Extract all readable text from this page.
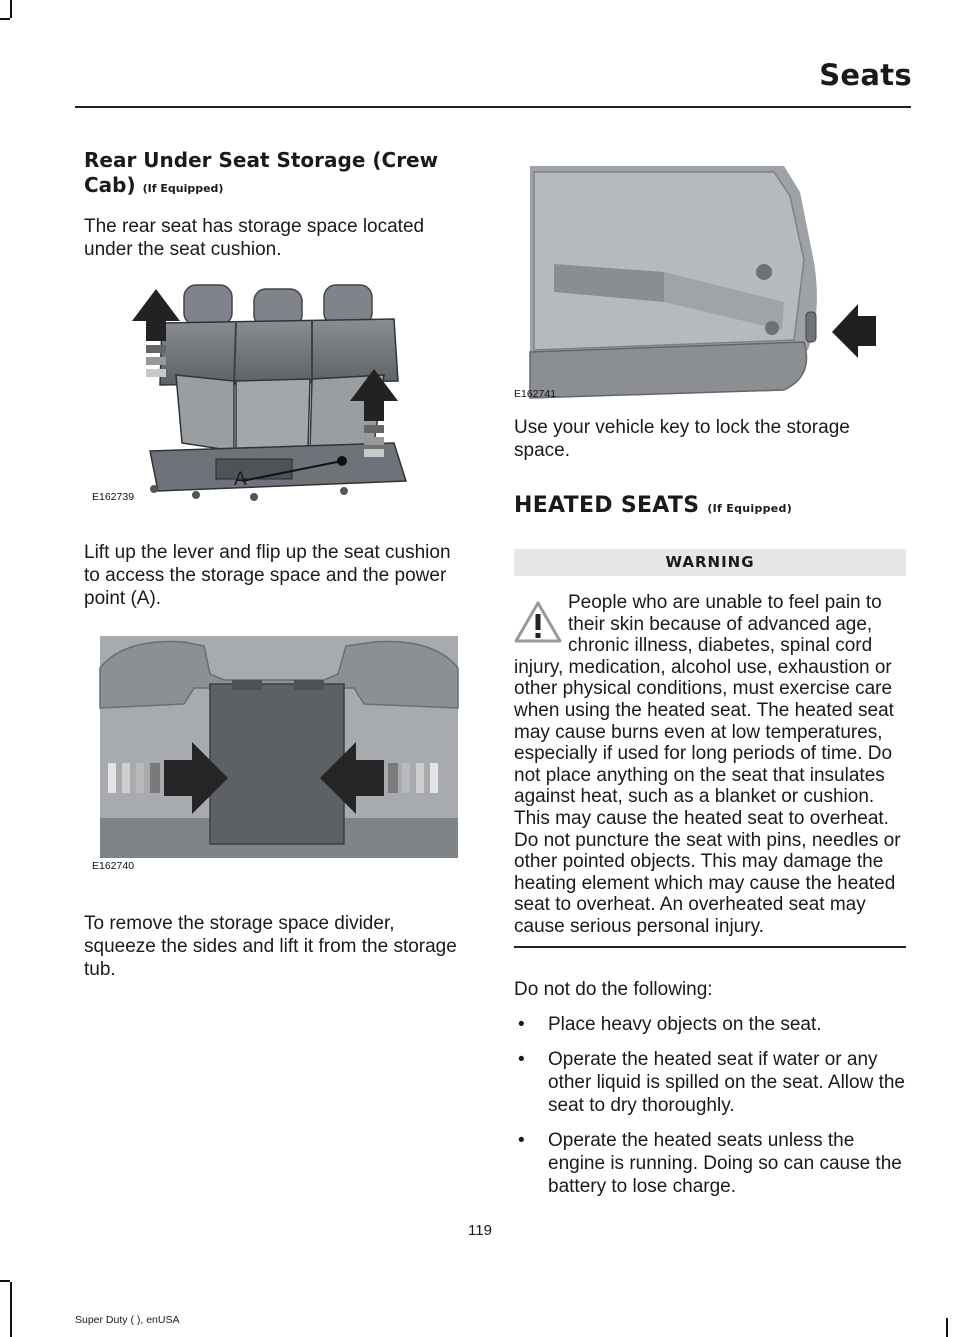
Seats
Rear Under Seat Storage (Crew Cab) (If Equipped)

The rear seat has storage space located under the seat cushion.

A
E162739

Lift up the lever and flip up the seat cushion to access the storage space and the power point (A).

E162740

To remove the storage space divider, squeeze the sides and lift it from the storage tub.

E162741

Use your vehicle key to lock the storage space.

HEATED SEATS (If Equipped)
WARNING
People who are unable to feel pain to their skin because of advanced age, chronic illness, diabetes, spinal cord injury, medication, alcohol use, exhaustion or other physical conditions, must exercise care when using the heated seat. The heated seat may cause burns even at low temperatures, especially if used for long periods of time. Do not place anything on the seat that insulates against heat, such as a blanket or cushion. This may cause the heated seat to overheat. Do not puncture the seat with pins, needles or other pointed objects. This may damage the heating element which may cause the heated seat to overheat. An overheated seat may cause serious personal injury.

Do not do the following:

• Place heavy objects on the seat.
• Operate the heated seat if water or any other liquid is spilled on the seat. Allow the seat to dry thoroughly.
• Operate the heated seats unless the engine is running. Doing so can cause the battery to lose charge.
119
Super Duty ( ), enUSA
